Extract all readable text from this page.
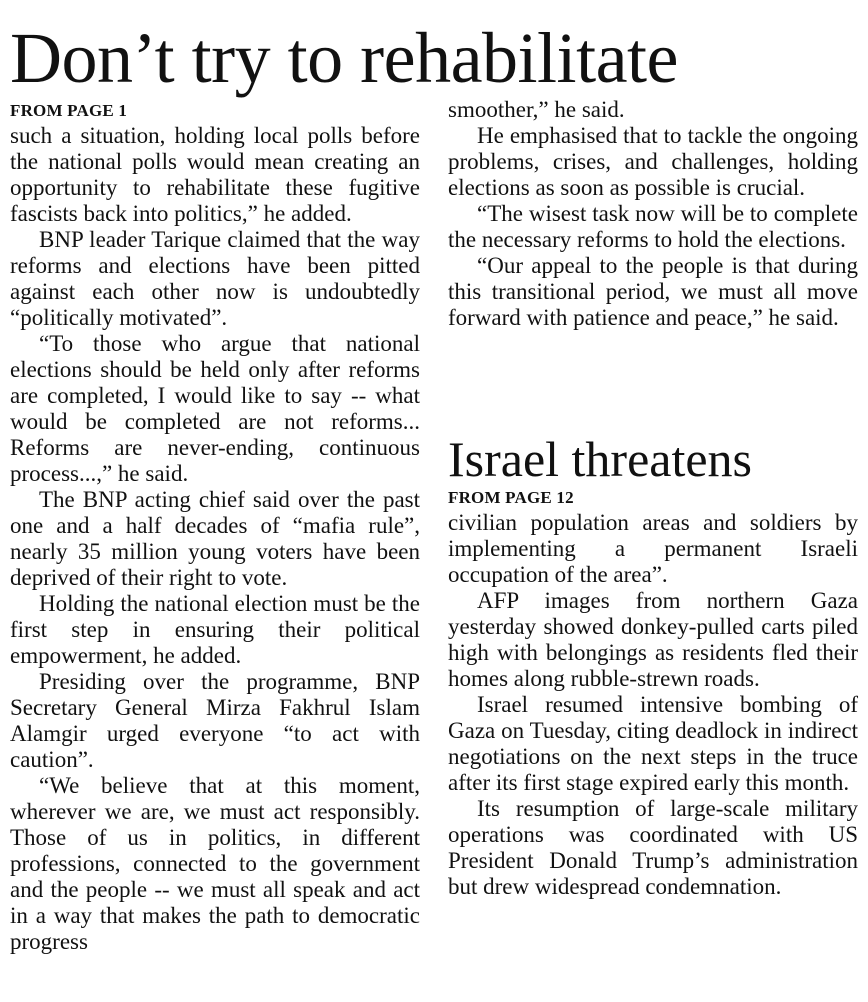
Don’t try to rehabilitate
FROM PAGE 1

such a situation, holding local polls before the national polls would mean creating an opportunity to rehabilitate these fugitive fascists back into politics,” he added.

BNP leader Tarique claimed that the way reforms and elections have been pitted against each other now is undoubtedly “politically motivated”.

“To those who argue that national elections should be held only after reforms are completed, I would like to say -- what would be completed are not reforms... Reforms are never-ending, continuous process...,” he said.

The BNP acting chief said over the past one and a half decades of “mafia rule”, nearly 35 million young voters have been deprived of their right to vote.

Holding the national election must be the first step in ensuring their political empowerment, he added.

Presiding over the programme, BNP Secretary General Mirza Fakhrul Islam Alamgir urged everyone “to act with caution”.

“We believe that at this moment, wherever we are, we must act responsibly. Those of us in politics, in different professions, connected to the government and the people -- we must all speak and act in a way that makes the path to democratic progress

smoother,” he said.

He emphasised that to tackle the ongoing problems, crises, and challenges, holding elections as soon as possible is crucial.

“The wisest task now will be to complete the necessary reforms to hold the elections.

“Our appeal to the people is that during this transitional period, we must all move forward with patience and peace,” he said.

Israel threatens
FROM PAGE 12

civilian population areas and soldiers by implementing a permanent Israeli occupation of the area”.

AFP images from northern Gaza yesterday showed donkey-pulled carts piled high with belongings as residents fled their homes along rubble-strewn roads.

Israel resumed intensive bombing of Gaza on Tuesday, citing deadlock in indirect negotiations on the next steps in the truce after its first stage expired early this month.

Its resumption of large-scale military operations was coordinated with US President Donald Trump’s administration but drew widespread condemnation.
